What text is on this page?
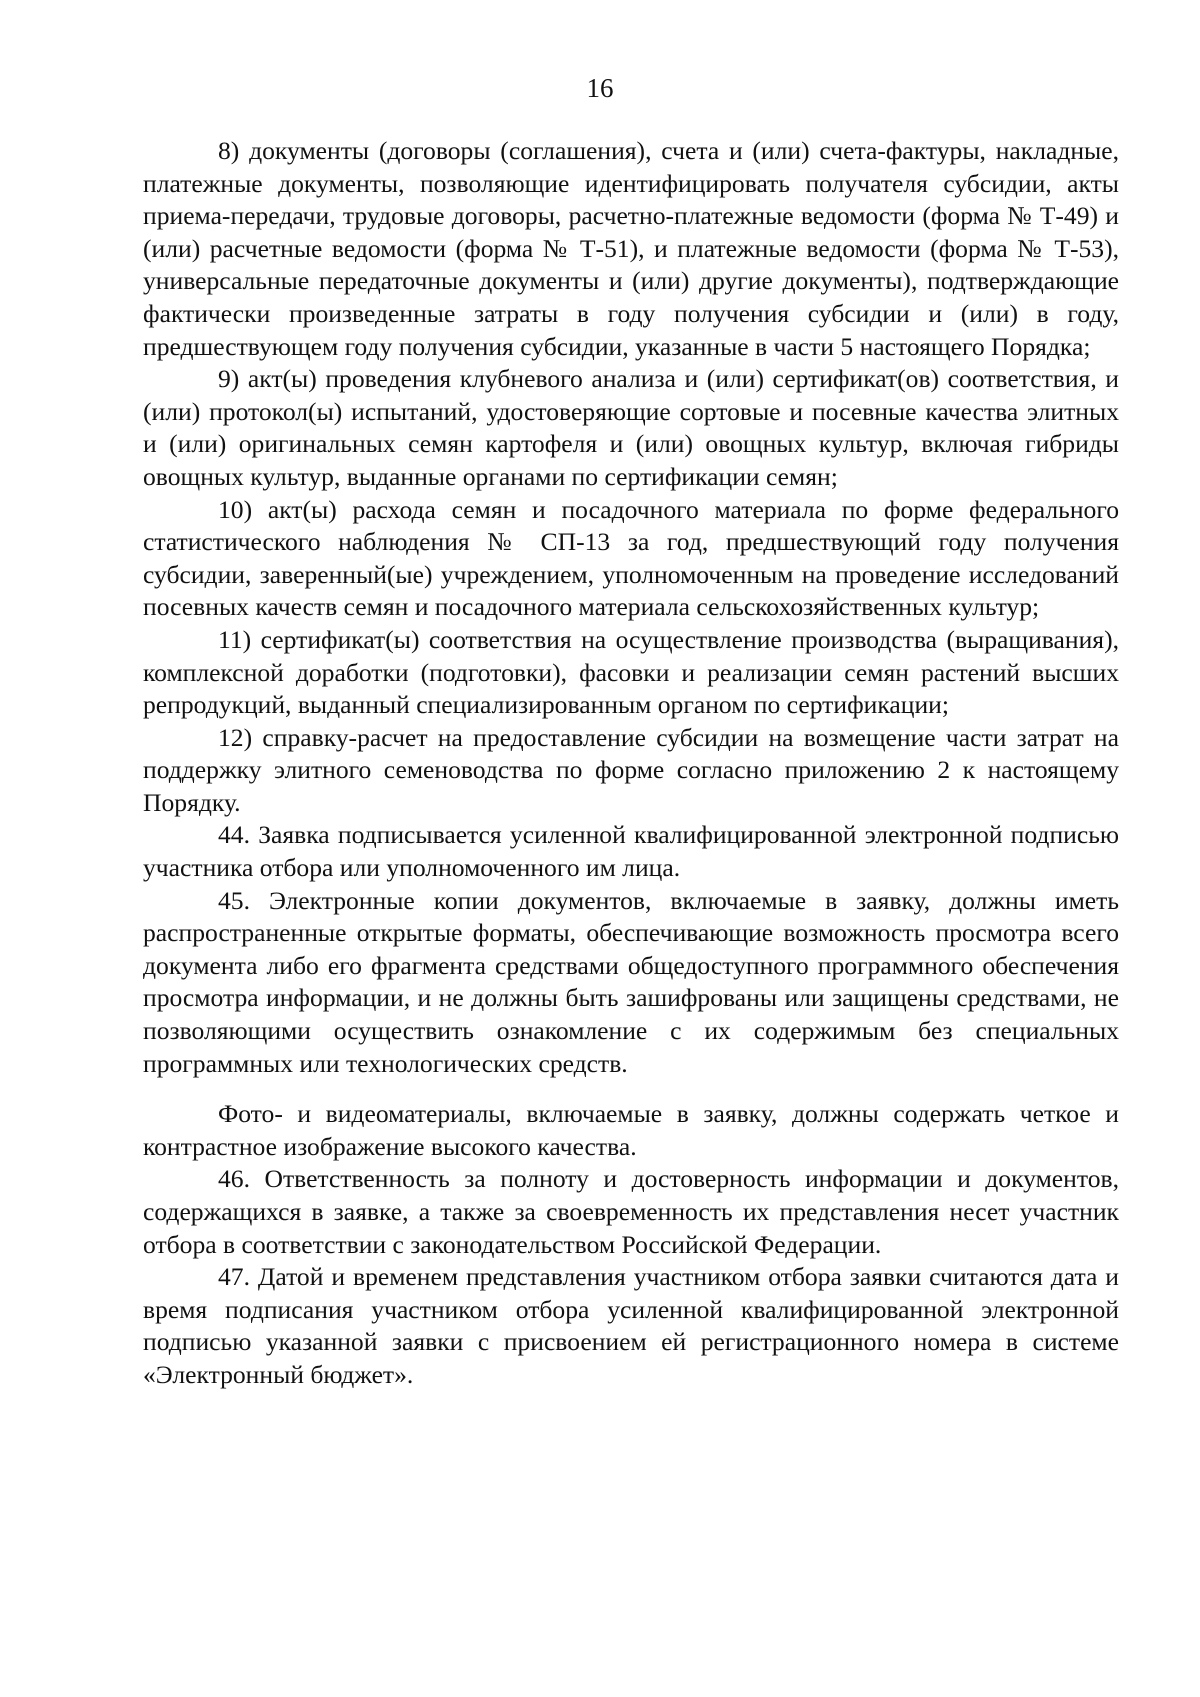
16

8) документы (договоры (соглашения), счета и (или) счета-фактуры, накладные, платежные документы, позволяющие идентифицировать получателя субсидии, акты приема-передачи, трудовые договоры, расчетно-платежные ведомости (форма № Т-49) и (или) расчетные ведомости (форма № Т-51), и платежные ведомости (форма № Т-53), универсальные передаточные документы и (или) другие документы), подтверждающие фактически произведенные затраты в году получения субсидии и (или) в году, предшествующем году получения субсидии, указанные в части 5 настоящего Порядка;

9) акт(ы) проведения клубневого анализа и (или) сертификат(ов) соответствия, и (или) протокол(ы) испытаний, удостоверяющие сортовые и посевные качества элитных и (или) оригинальных семян картофеля и (или) овощных культур, включая гибриды овощных культур, выданные органами по сертификации семян;

10) акт(ы) расхода семян и посадочного материала по форме федерального статистического наблюдения № СП-13 за год, предшествующий году получения субсидии, заверенный(ые) учреждением, уполномоченным на проведение исследований посевных качеств семян и посадочного материала сельскохозяйственных культур;

11) сертификат(ы) соответствия на осуществление производства (выращивания), комплексной доработки (подготовки), фасовки и реализации семян растений высших репродукций, выданный специализированным органом по сертификации;

12) справку-расчет на предоставление субсидии на возмещение части затрат на поддержку элитного семеноводства по форме согласно приложению 2 к настоящему Порядку.

44. Заявка подписывается усиленной квалифицированной электронной подписью участника отбора или уполномоченного им лица.

45. Электронные копии документов, включаемые в заявку, должны иметь распространенные открытые форматы, обеспечивающие возможность просмотра всего документа либо его фрагмента средствами общедоступного программного обеспечения просмотра информации, и не должны быть зашифрованы или защищены средствами, не позволяющими осуществить ознакомление с их содержимым без специальных программных или технологических средств.

Фото- и видеоматериалы, включаемые в заявку, должны содержать четкое и контрастное изображение высокого качества.

46. Ответственность за полноту и достоверность информации и документов, содержащихся в заявке, а также за своевременность их представления несет участник отбора в соответствии с законодательством Российской Федерации.

47. Датой и временем представления участником отбора заявки считаются дата и время подписания участником отбора усиленной квалифицированной электронной подписью указанной заявки с присвоением ей регистрационного номера в системе «Электронный бюджет».
